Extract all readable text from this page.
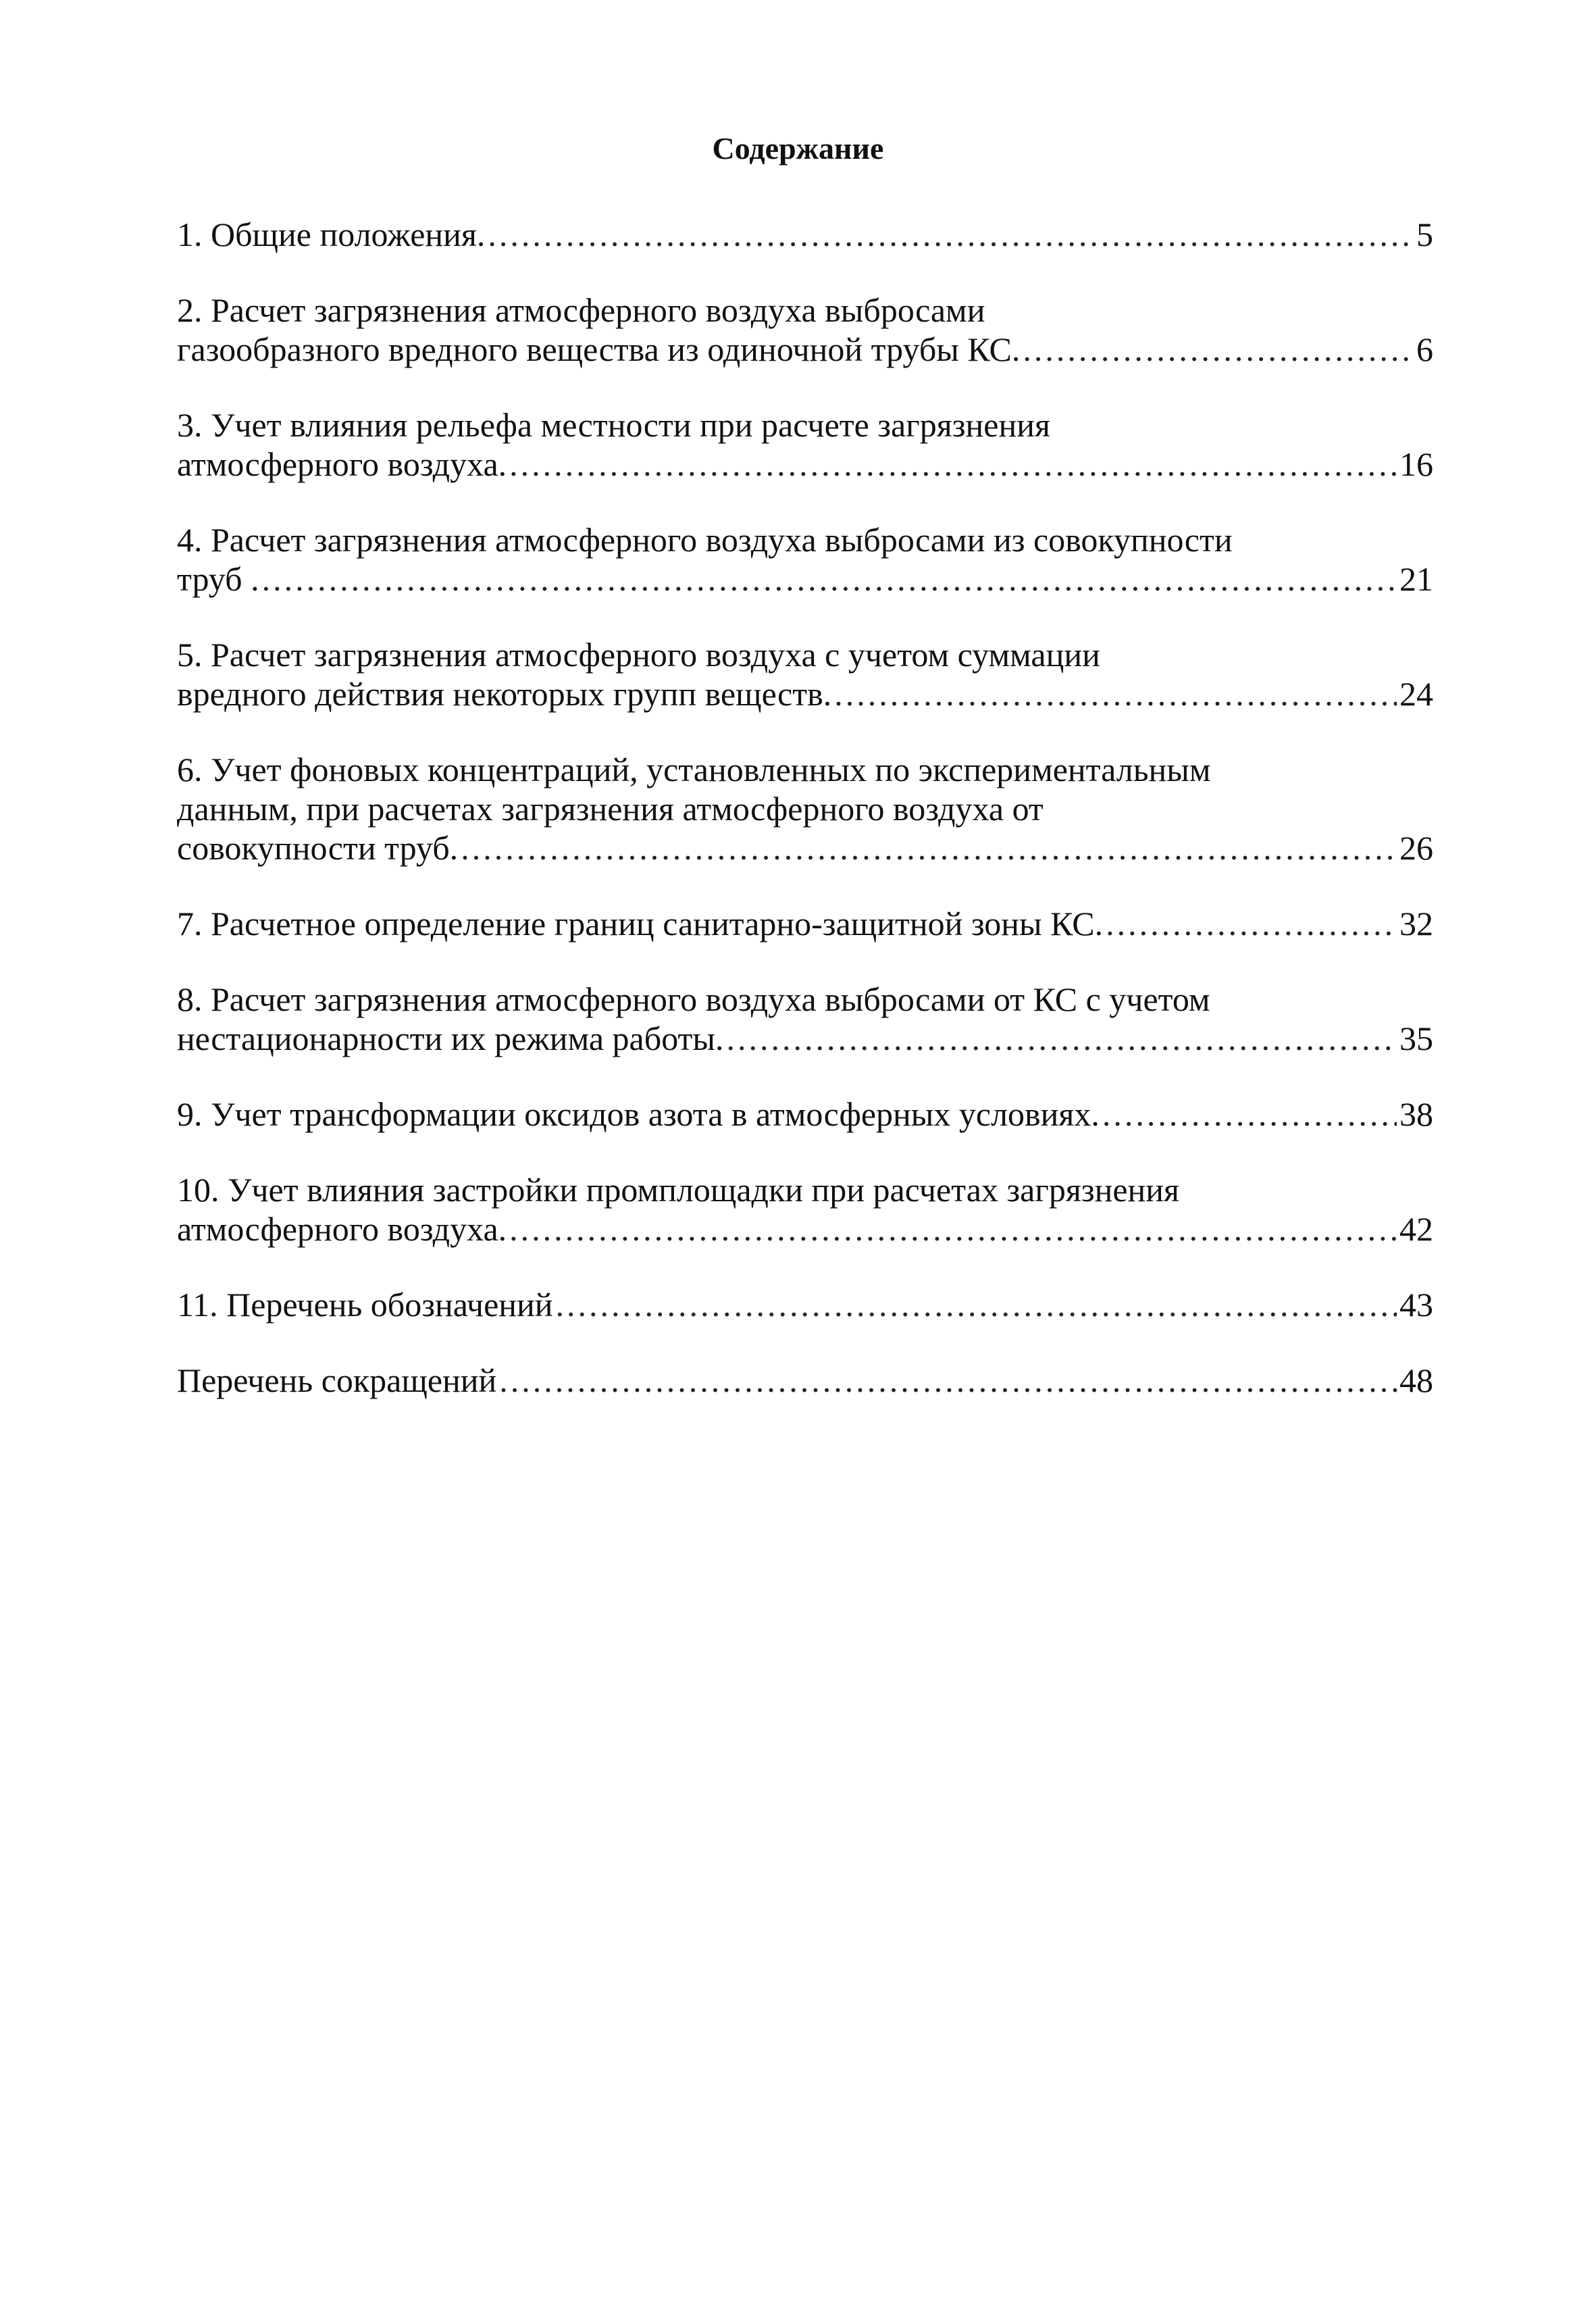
Содержание
1. Общие положения. .....	5
2. Расчет загрязнения атмосферного воздуха выбросами
газообразного вредного вещества из одиночной трубы КС. .....	6
3. Учет влияния рельефа местности при расчете загрязнения
атмосферного воздуха. .....	16
4. Расчет загрязнения атмосферного воздуха выбросами из совокупности
труб . .....	21
5. Расчет загрязнения атмосферного воздуха с учетом суммации
вредного действия некоторых групп веществ. .....	24
6. Учет фоновых концентраций, установленных по экспериментальным
данным, при расчетах загрязнения атмосферного воздуха от
совокупности труб. .....	26
7. Расчетное определение границ санитарно-защитной зоны КС. .....	32
8. Расчет загрязнения атмосферного воздуха выбросами от КС с учетом
нестационарности их режима работы. .....	35
9. Учет трансформации оксидов азота в атмосферных условиях. .....	38
10. Учет влияния застройки промплощадки при расчетах загрязнения
атмосферного воздуха. .....	42
11. Перечень обозначений .....	43
Перечень сокращений .....	48
